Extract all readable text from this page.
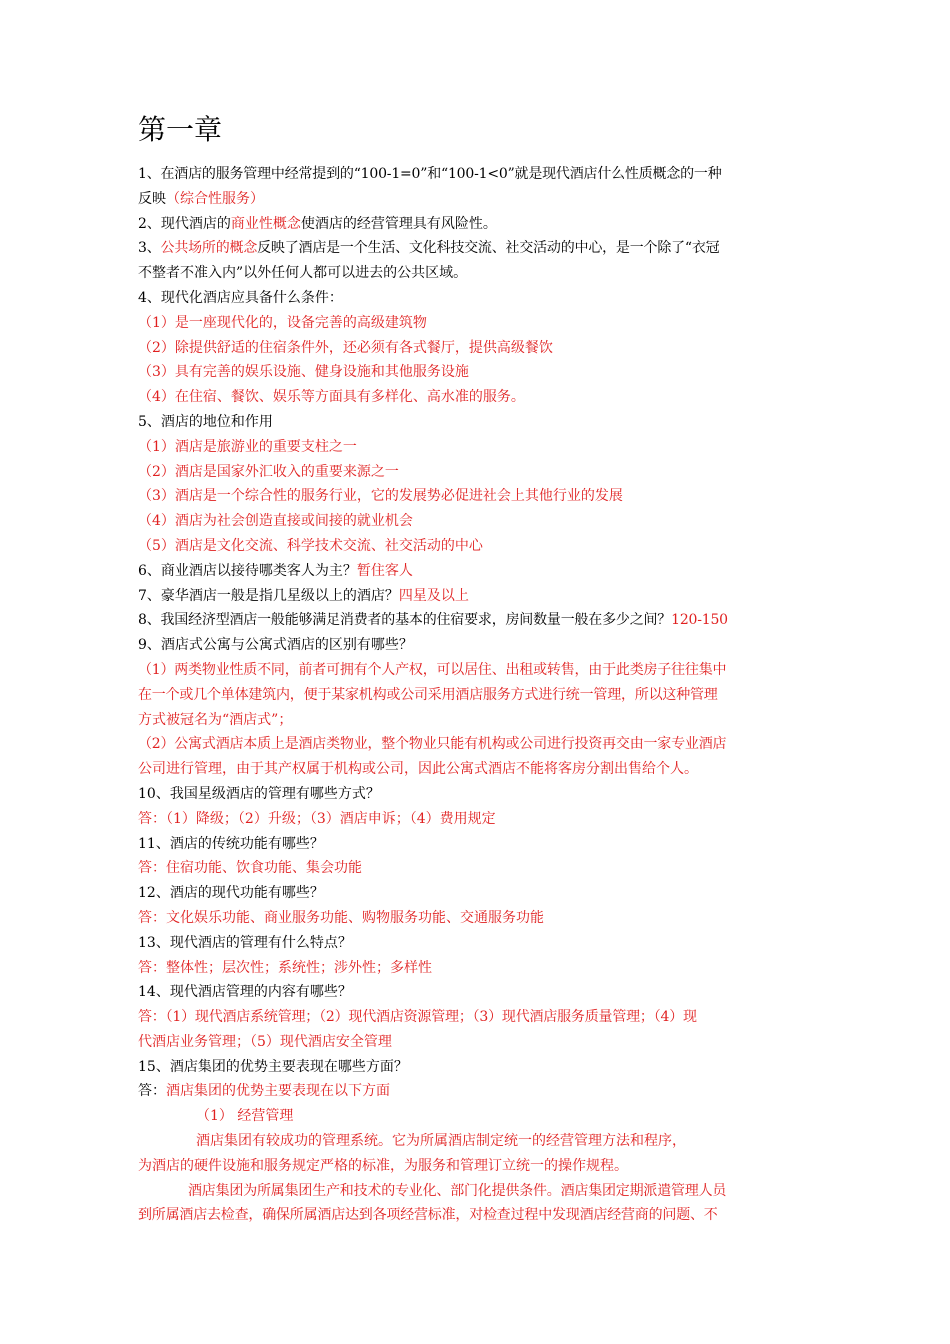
第一章

1、在酒店的服务管理中经常提到的“100-1=0”和“100-1<0”就是现代酒店什么性质概念的一种

反映（综合性服务）

2、现代酒店的商业性概念使酒店的经营管理具有风险性。

3、公共场所的概念反映了酒店是一个生活、文化科技交流、社交活动的中心，是一个除了“衣冠

不整者不准入内”以外任何人都可以进去的公共区域。

4、现代化酒店应具备什么条件：

（1）是一座现代化的，设备完善的高级建筑物

（2）除提供舒适的住宿条件外，还必须有各式餐厅，提供高级餐饮

（3）具有完善的娱乐设施、健身设施和其他服务设施

（4）在住宿、餐饮、娱乐等方面具有多样化、高水准的服务。

5、酒店的地位和作用

（1）酒店是旅游业的重要支柱之一

（2）酒店是国家外汇收入的重要来源之一

（3）酒店是一个综合性的服务行业，它的发展势必促进社会上其他行业的发展

（4）酒店为社会创造直接或间接的就业机会

（5）酒店是文化交流、科学技术交流、社交活动的中心

6、商业酒店以接待哪类客人为主？暂住客人

7、豪华酒店一般是指几星级以上的酒店？四星及以上

8、我国经济型酒店一般能够满足消费者的基本的住宿要求，房间数量一般在多少之间？120-150

9、酒店式公寓与公寓式酒店的区别有哪些？

（1）两类物业性质不同，前者可拥有个人产权，可以居住、出租或转售，由于此类房子往往集中

在一个或几个单体建筑内，便于某家机构或公司采用酒店服务方式进行统一管理，所以这种管理

方式被冠名为“酒店式”；

（2）公寓式酒店本质上是酒店类物业，整个物业只能有机构或公司进行投资再交由一家专业酒店

公司进行管理，由于其产权属于机构或公司，因此公寓式酒店不能将客房分割出售给个人。

10、我国星级酒店的管理有哪些方式？

答：（1）降级；（2）升级；（3）酒店申诉；（4）费用规定

11、酒店的传统功能有哪些？

答：住宿功能、饮食功能、集会功能

12、酒店的现代功能有哪些？

答：文化娱乐功能、商业服务功能、购物服务功能、交通服务功能

13、现代酒店的管理有什么特点？

答：整体性；层次性；系统性；涉外性；多样性

14、现代酒店管理的内容有哪些？

答：（1）现代酒店系统管理；（2）现代酒店资源管理；（3）现代酒店服务质量管理；（4）现

代酒店业务管理；（5）现代酒店安全管理

15、酒店集团的优势主要表现在哪些方面？

答：酒店集团的优势主要表现在以下方面

（1） 经营管理

酒店集团有较成功的管理系统。它为所属酒店制定统一的经营管理方法和程序，

为酒店的硬件设施和服务规定严格的标准，为服务和管理订立统一的操作规程。

酒店集团为所属集团生产和技术的专业化、部门化提供条件。酒店集团定期派遣管理人员

到所属酒店去检查，确保所属酒店达到各项经营标准，对检查过程中发现酒店经营商的问题、不
